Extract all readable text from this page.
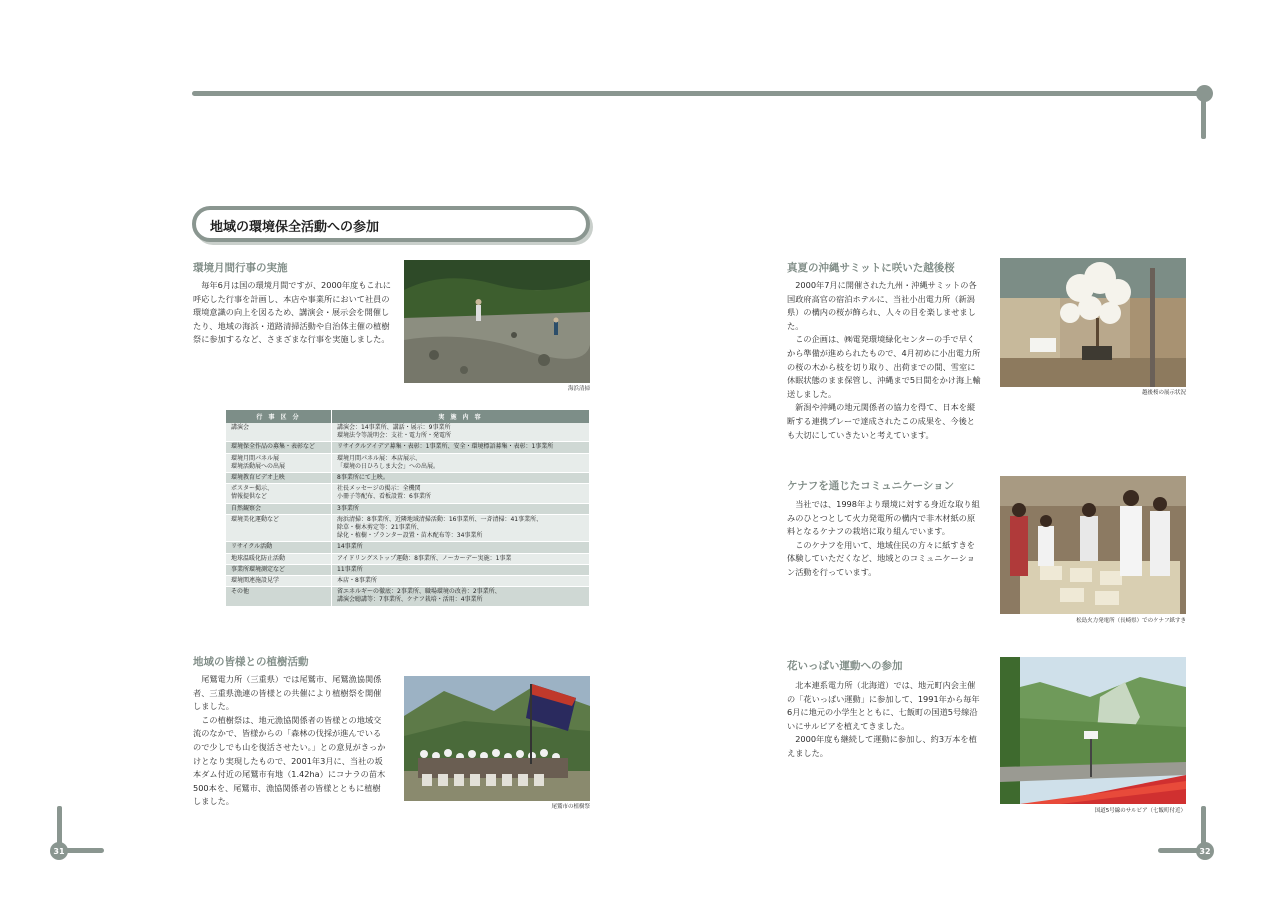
31	32
地域の環境保全活動への参加
環境月間行事の実施

毎年6月は国の環境月間ですが、2000年度もこれに呼応した行事を計画し、本店や事業所において社員の環境意識の向上を図るため、講演会・展示会を開催したり、地域の海浜・道路清掃活動や自治体主催の植樹祭に参加するなど、さまざまな行事を実施しました。

海浜清掃
行 事 区 分	実 施 内 容
講演会	講演会：14事業所、講話・展示：9事業所
環境法令等説明会：支社・電力所・発電所
環境保全作品の募集・表彰など	リサイクルアイデア募集・表彰：1事業所、安全・環境標語募集・表彰：1事業所
環境月間パネル展
環境活動展への出展	環境月間パネル展：本店展示、
「環境の日ひろしま大会」への出展。
環境教育ビデオ上映	8事業所にて上映。
ポスター掲示、
情報提供など	社長メッセージの掲示：全機関
小冊子等配布、看板設置：6事業所
自然観察会	3事業所
環境美化運動など	海浜清掃：8事業所、近隣地域清掃活動：16事業所、一斉清掃：41事業所、
除草・樹木剪定等：21事業所、
緑化・植樹・プランター設置・苗木配布等：34事業所
リサイクル活動	14事業所
地球温暖化防止活動	アイドリングストップ運動：8事業所、ノーカーデー実施：1事業
事業所環境測定など	11事業所
環境関連施設見学	本店・8事業所
その他	省エネルギーの徹底：2事業所、職場環境の改善：2事業所、
講演会聴講等：7事業所、ケナフ栽培・活用：4事業所
地域の皆様との植樹活動

尾鷲電力所（三重県）では尾鷲市、尾鷲漁協関係者、三重県漁連の皆様との共催により植樹祭を開催しました。

この植樹祭は、地元漁協関係者の皆様との地域交流のなかで、皆様からの「森林の伐採が進んでいるので少しでも山を復活させたい。」との意見がきっかけとなり実現したもので、2001年3月に、当社の坂本ダム付近の尾鷲市有地（1.42ha）にコナラの苗木500本を、尾鷲市、漁協関係者の皆様とともに植樹しました。

尾鷲市の植樹祭
真夏の沖縄サミットに咲いた越後桜

2000年7月に開催された九州・沖縄サミットの各国政府高官の宿泊ホテルに、当社小出電力所（新潟県）の構内の桜が飾られ、人々の目を楽しませました。

この企画は、㈱電発環境緑化センターの手で早くから準備が進められたもので、4月初めに小出電力所の桜の木から枝を切り取り、出荷までの間、雪室に休眠状態のまま保管し、沖縄まで5日間をかけ海上輸送しました。

新潟や沖縄の地元関係者の協力を得て、日本を縦断する連携プレーで達成されたこの成果を、今後とも大切にしていきたいと考えています。

越後桜の展示状況
ケナフを通じたコミュニケーション

当社では、1998年より環境に対する身近な取り組みのひとつとして火力発電所の構内で非木材紙の原料となるケナフの栽培に取り組んでいます。

このケナフを用いて、地域住民の方々に紙すきを体験していただくなど、地域とのコミュニケーション活動を行っています。

松島火力発電所（長崎県）でのケナフ紙すき
花いっぱい運動への参加

北本連系電力所（北海道）では、地元町内会主催の「花いっぱい運動」に参加して、1991年から毎年6月に地元の小学生とともに、七飯町の国道5号線沿いにサルビアを植えてきました。

2000年度も継続して運動に参加し、約3万本を植えました。

国道5号線のサルビア（七飯町付近）
